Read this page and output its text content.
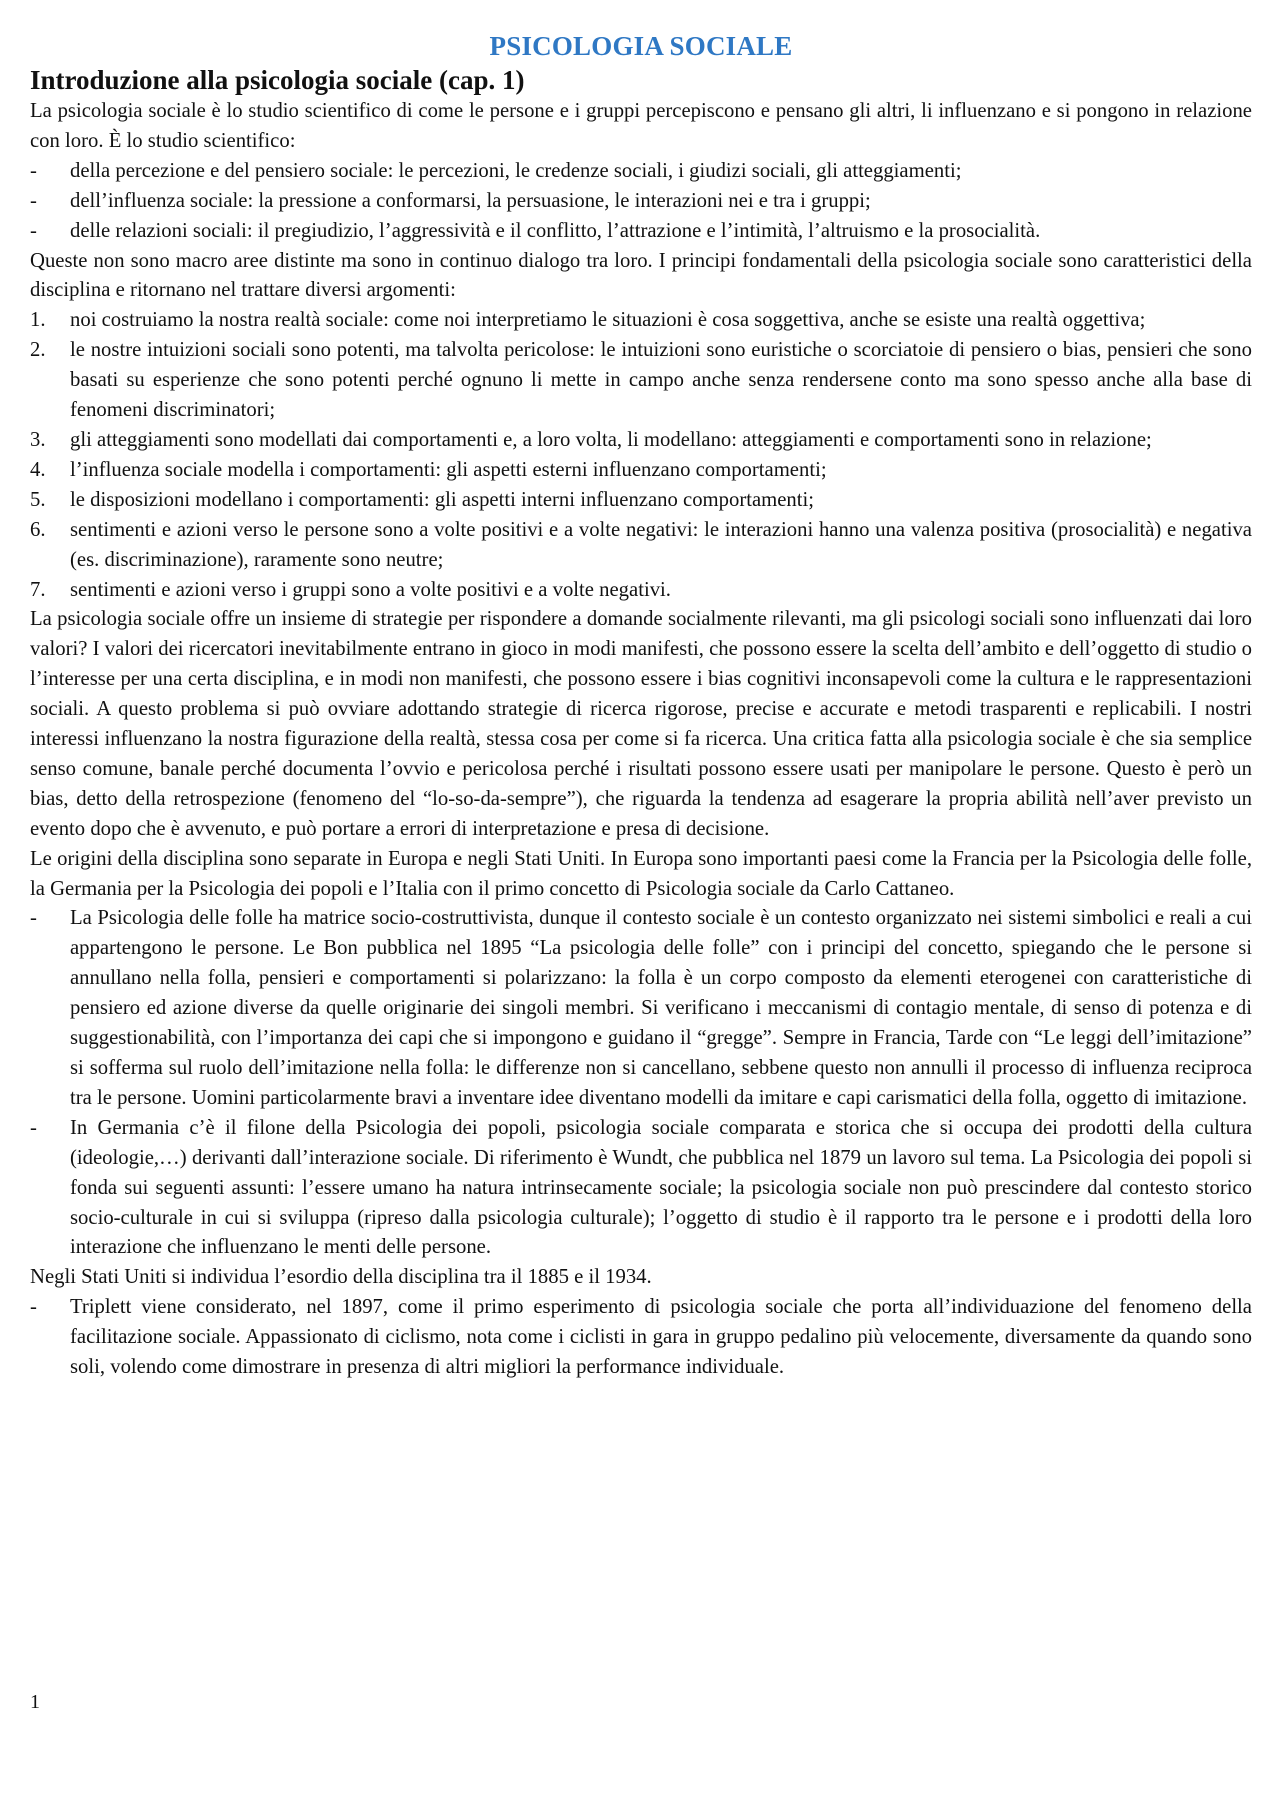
PSICOLOGIA SOCIALE
Introduzione alla psicologia sociale (cap. 1)

La psicologia sociale è lo studio scientifico di come le persone e i gruppi percepiscono e pensano gli altri, li influenzano e si pongono in relazione con loro. È lo studio scientifico:

-	della percezione e del pensiero sociale: le percezioni, le credenze sociali, i giudizi sociali, gli atteggiamenti;
-	dell’influenza sociale: la pressione a conformarsi, la persuasione, le interazioni nei e tra i gruppi;
-	delle relazioni sociali: il pregiudizio, l’aggressività e il conflitto, l’attrazione e l’intimità, l’altruismo e la prosocialità.

Queste non sono macro aree distinte ma sono in continuo dialogo tra loro. I principi fondamentali della psicologia sociale sono caratteristici della disciplina e ritornano nel trattare diversi argomenti:

1.	noi costruiamo la nostra realtà sociale: come noi interpretiamo le situazioni è cosa soggettiva, anche se esiste una realtà oggettiva;
2.	le nostre intuizioni sociali sono potenti, ma talvolta pericolose: le intuizioni sono euristiche o scorciatoie di pensiero o bias, pensieri che sono basati su esperienze che sono potenti perché ognuno li mette in campo anche senza rendersene conto ma sono spesso anche alla base di fenomeni discriminatori;
3.	gli atteggiamenti sono modellati dai comportamenti e, a loro volta, li modellano: atteggiamenti e comportamenti sono in relazione;
4.	l’influenza sociale modella i comportamenti: gli aspetti esterni influenzano comportamenti;
5.	le disposizioni modellano i comportamenti: gli aspetti interni influenzano comportamenti;
6.	sentimenti e azioni verso le persone sono a volte positivi e a volte negativi: le interazioni hanno una valenza positiva (prosocialità) e negativa (es. discriminazione), raramente sono neutre;
7.	sentimenti e azioni verso i gruppi sono a volte positivi e a volte negativi.

La psicologia sociale offre un insieme di strategie per rispondere a domande socialmente rilevanti, ma gli psicologi sociali sono influenzati dai loro valori? I valori dei ricercatori inevitabilmente entrano in gioco in modi manifesti, che possono essere la scelta dell’ambito e dell’oggetto di studio o l’interesse per una certa disciplina, e in modi non manifesti, che possono essere i bias cognitivi inconsapevoli come la cultura e le rappresentazioni sociali. A questo problema si può ovviare adottando strategie di ricerca rigorose, precise e accurate e metodi trasparenti e replicabili. I nostri interessi influenzano la nostra figurazione della realtà, stessa cosa per come si fa ricerca. Una critica fatta alla psicologia sociale è che sia semplice senso comune, banale perché documenta l’ovvio e pericolosa perché i risultati possono essere usati per manipolare le persone. Questo è però un bias, detto della retrospezione (fenomeno del “lo-so-da-sempre”), che riguarda la tendenza ad esagerare la propria abilità nell’aver previsto un evento dopo che è avvenuto, e può portare a errori di interpretazione e presa di decisione.

Le origini della disciplina sono separate in Europa e negli Stati Uniti. In Europa sono importanti paesi come la Francia per la Psicologia delle folle, la Germania per la Psicologia dei popoli e l’Italia con il primo concetto di Psicologia sociale da Carlo Cattaneo.

-	La Psicologia delle folle ha matrice socio-costruttivista, dunque il contesto sociale è un contesto organizzato nei sistemi simbolici e reali a cui appartengono le persone. Le Bon pubblica nel 1895 “La psicologia delle folle” con i principi del concetto, spiegando che le persone si annullano nella folla, pensieri e comportamenti si polarizzano: la folla è un corpo composto da elementi eterogenei con caratteristiche di pensiero ed azione diverse da quelle originarie dei singoli membri. Si verificano i meccanismi di contagio mentale, di senso di potenza e di suggestionabilità, con l’importanza dei capi che si impongono e guidano il “gregge”. Sempre in Francia, Tarde con “Le leggi dell’imitazione” si sofferma sul ruolo dell’imitazione nella folla: le differenze non si cancellano, sebbene questo non annulli il processo di influenza reciproca tra le persone. Uomini particolarmente bravi a inventare idee diventano modelli da imitare e capi carismatici della folla, oggetto di imitazione.
-	In Germania c’è il filone della Psicologia dei popoli, psicologia sociale comparata e storica che si occupa dei prodotti della cultura (ideologie,…) derivanti dall’interazione sociale. Di riferimento è Wundt, che pubblica nel 1879 un lavoro sul tema. La Psicologia dei popoli si fonda sui seguenti assunti: l’essere umano ha natura intrinsecamente sociale; la psicologia sociale non può prescindere dal contesto storico socio-culturale in cui si sviluppa (ripreso dalla psicologia culturale); l’oggetto di studio è il rapporto tra le persone e i prodotti della loro interazione che influenzano le menti delle persone.

Negli Stati Uniti si individua l’esordio della disciplina tra il 1885 e il 1934.

-	Triplett viene considerato, nel 1897, come il primo esperimento di psicologia sociale che porta all’individuazione del fenomeno della facilitazione sociale. Appassionato di ciclismo, nota come i ciclisti in gara in gruppo pedalino più velocemente, diversamente da quando sono soli, volendo come dimostrare in presenza di altri migliori la performance individuale.
1
